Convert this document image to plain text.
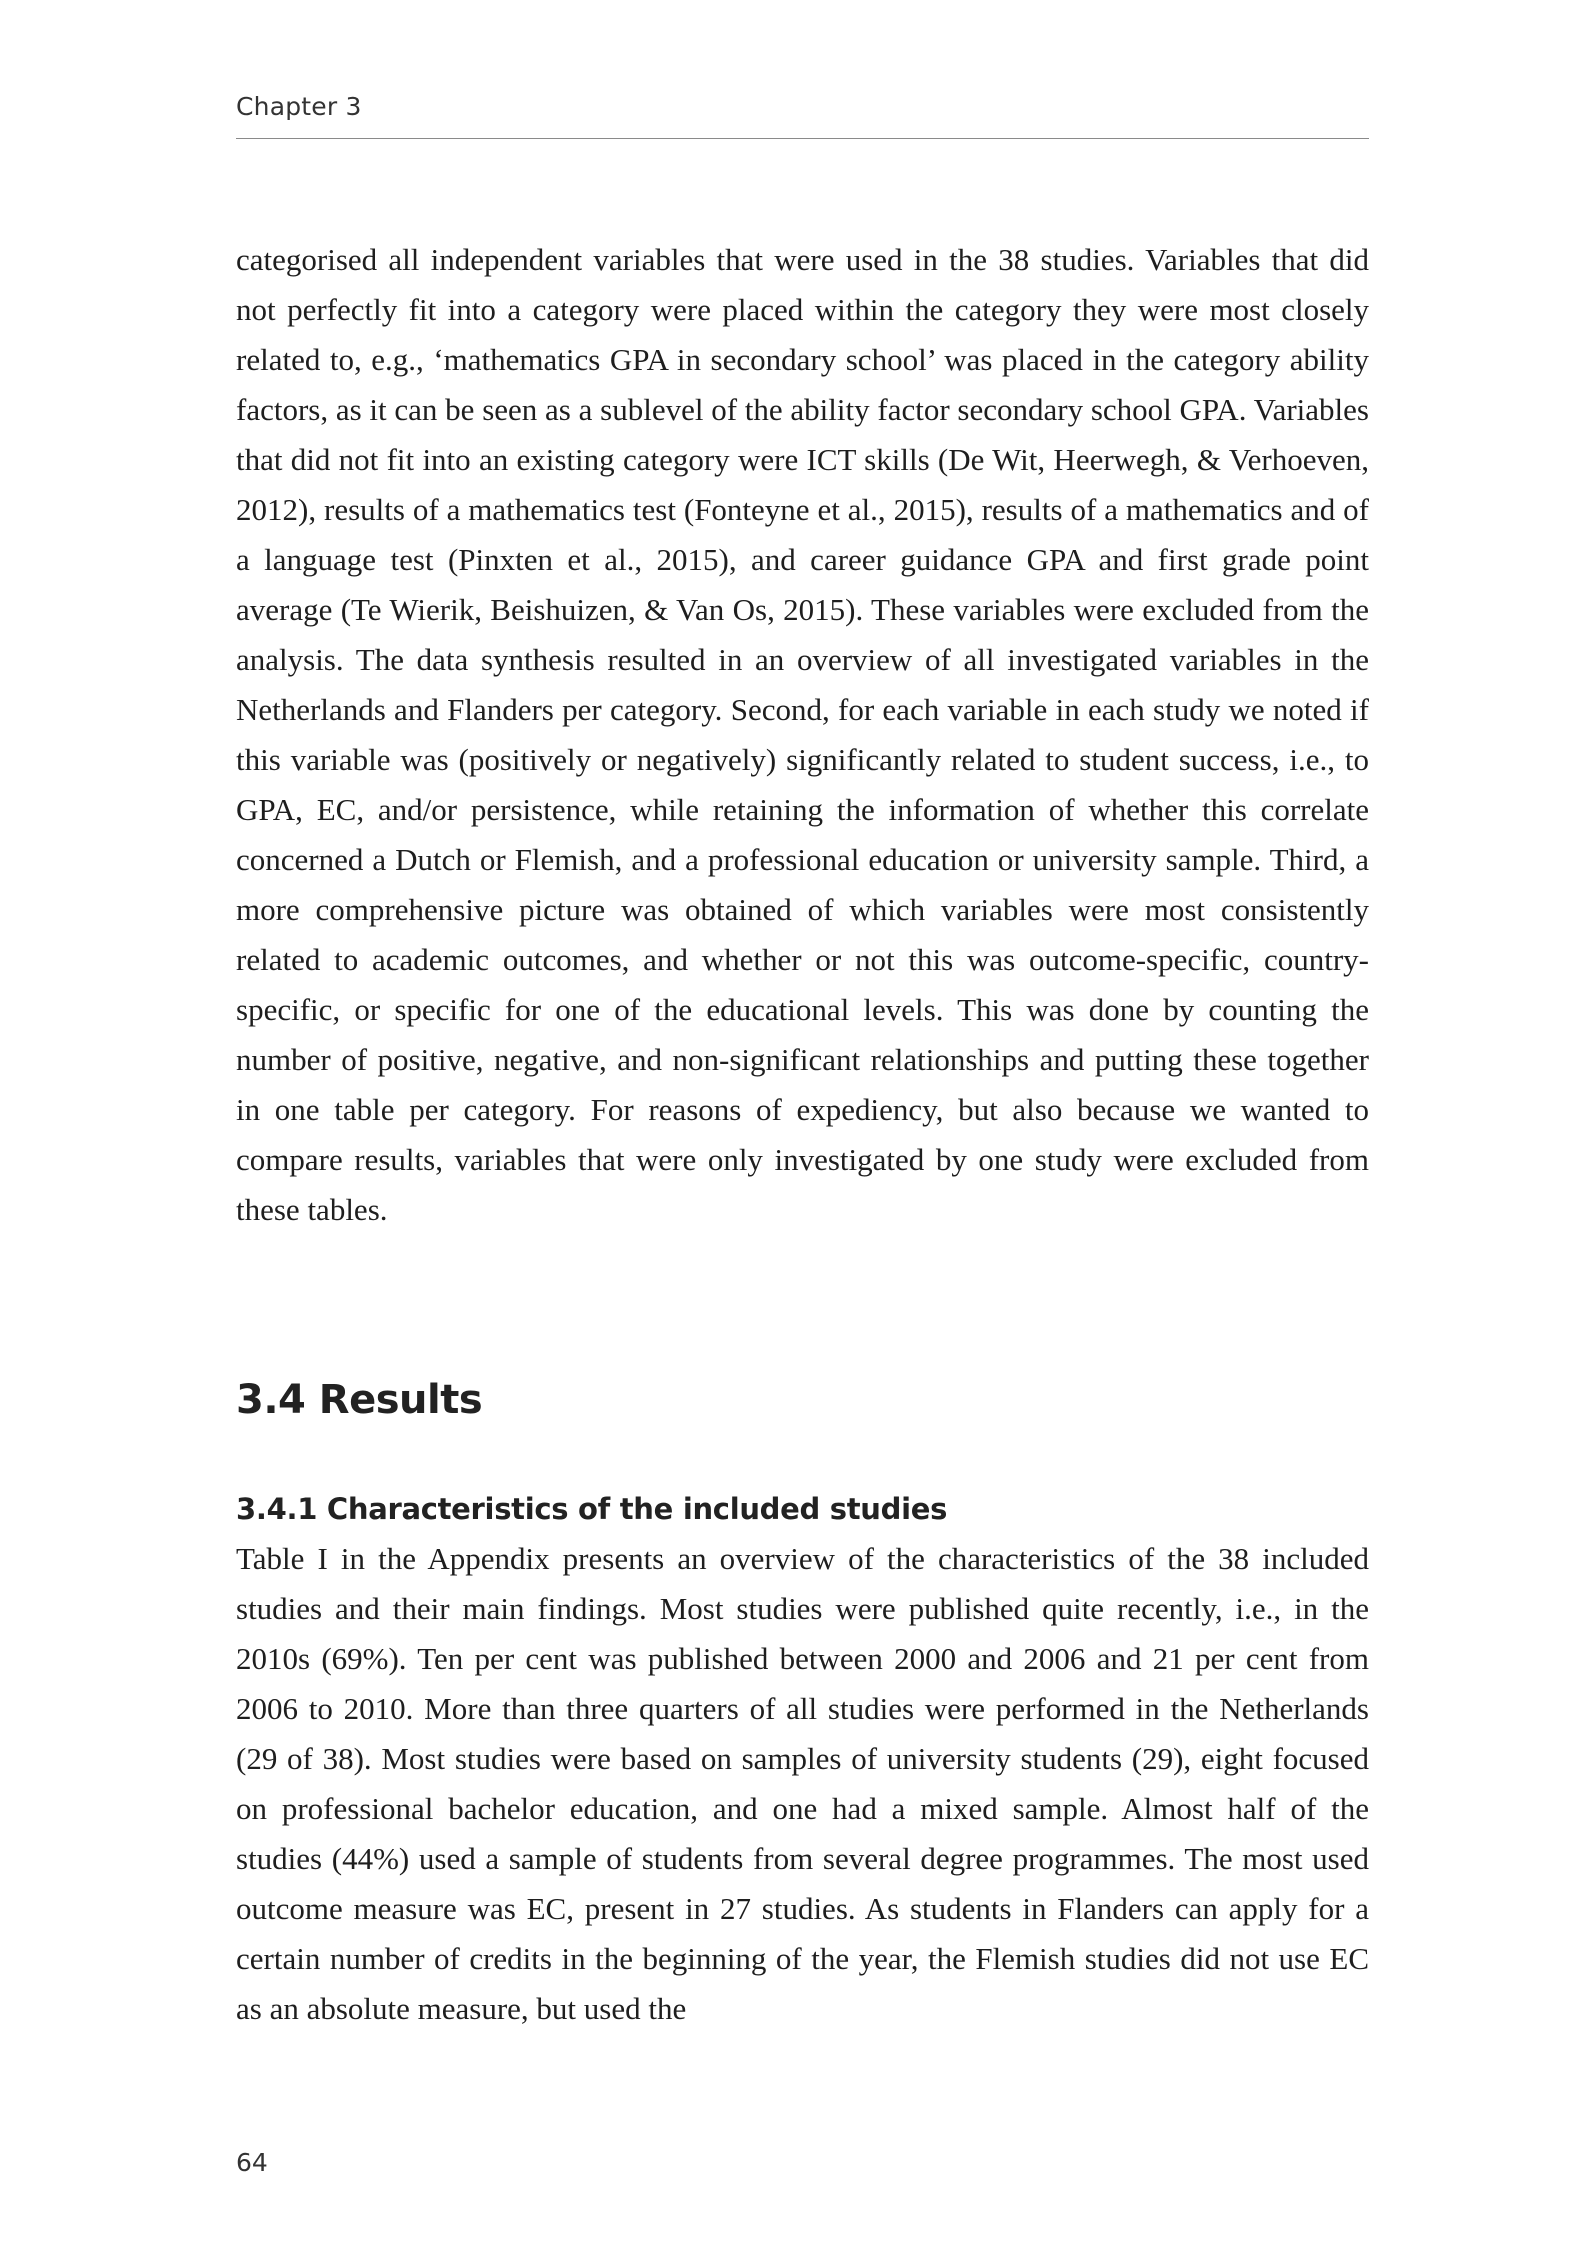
Chapter 3

categorised all independent variables that were used in the 38 studies. Variables that did not perfectly fit into a category were placed within the category they were most closely related to, e.g., ‘mathematics GPA in secondary school’ was placed in the category ability factors, as it can be seen as a sublevel of the ability factor secondary school GPA. Variables that did not fit into an existing category were ICT skills (De Wit, Heerwegh, & Verhoeven, 2012), results of a mathematics test (Fonteyne et al., 2015), results of a mathematics and of a language test (Pinxten et al., 2015), and career guidance GPA and first grade point average (Te Wierik, Beishuizen, & Van Os, 2015). These variables were excluded from the analysis. The data synthesis resulted in an overview of all investigated variables in the Netherlands and Flanders per category. Second, for each variable in each study we noted if this variable was (positively or negatively) significantly related to student success, i.e., to GPA, EC, and/or persistence, while retaining the information of whether this correlate concerned a Dutch or Flemish, and a professional education or university sample. Third, a more comprehensive picture was obtained of which variables were most consistently related to academic outcomes, and whether or not this was outcome-specific, country-specific, or specific for one of the educational levels. This was done by counting the number of positive, negative, and non-significant relationships and putting these together in one table per category. For reasons of expediency, but also because we wanted to compare results, variables that were only investigated by one study were excluded from these tables.

3.4 Results
3.4.1 Characteristics of the included studies

Table I in the Appendix presents an overview of the characteristics of the 38 included studies and their main findings. Most studies were published quite recently, i.e., in the 2010s (69%). Ten per cent was published between 2000 and 2006 and 21 per cent from 2006 to 2010. More than three quarters of all studies were performed in the Netherlands (29 of 38). Most studies were based on samples of university students (29), eight focused on professional bachelor education, and one had a mixed sample. Almost half of the studies (44%) used a sample of students from several degree programmes. The most used outcome measure was EC, present in 27 studies. As students in Flanders can apply for a certain number of credits in the beginning of the year, the Flemish studies did not use EC as an absolute measure, but used the

64
